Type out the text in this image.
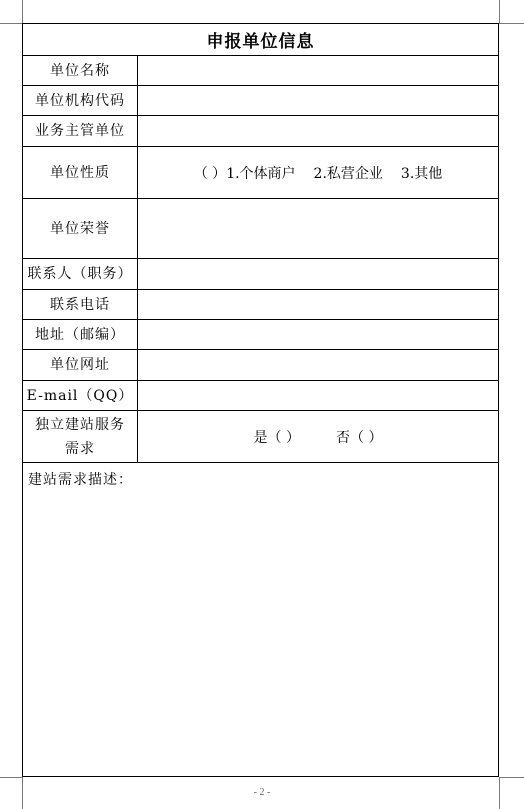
申报单位信息
单位名称
单位机构代码
业务主管单位
单位性质	（ ） 1.个体商户 2.私营企业 3.其他
单位荣誉
联系人（职务）
联系电话
地址（邮编）
单位网址
E-mail（QQ）
独立建站服务需求
是（ ）	否（ ）
建站需求描述：
- 2 -
